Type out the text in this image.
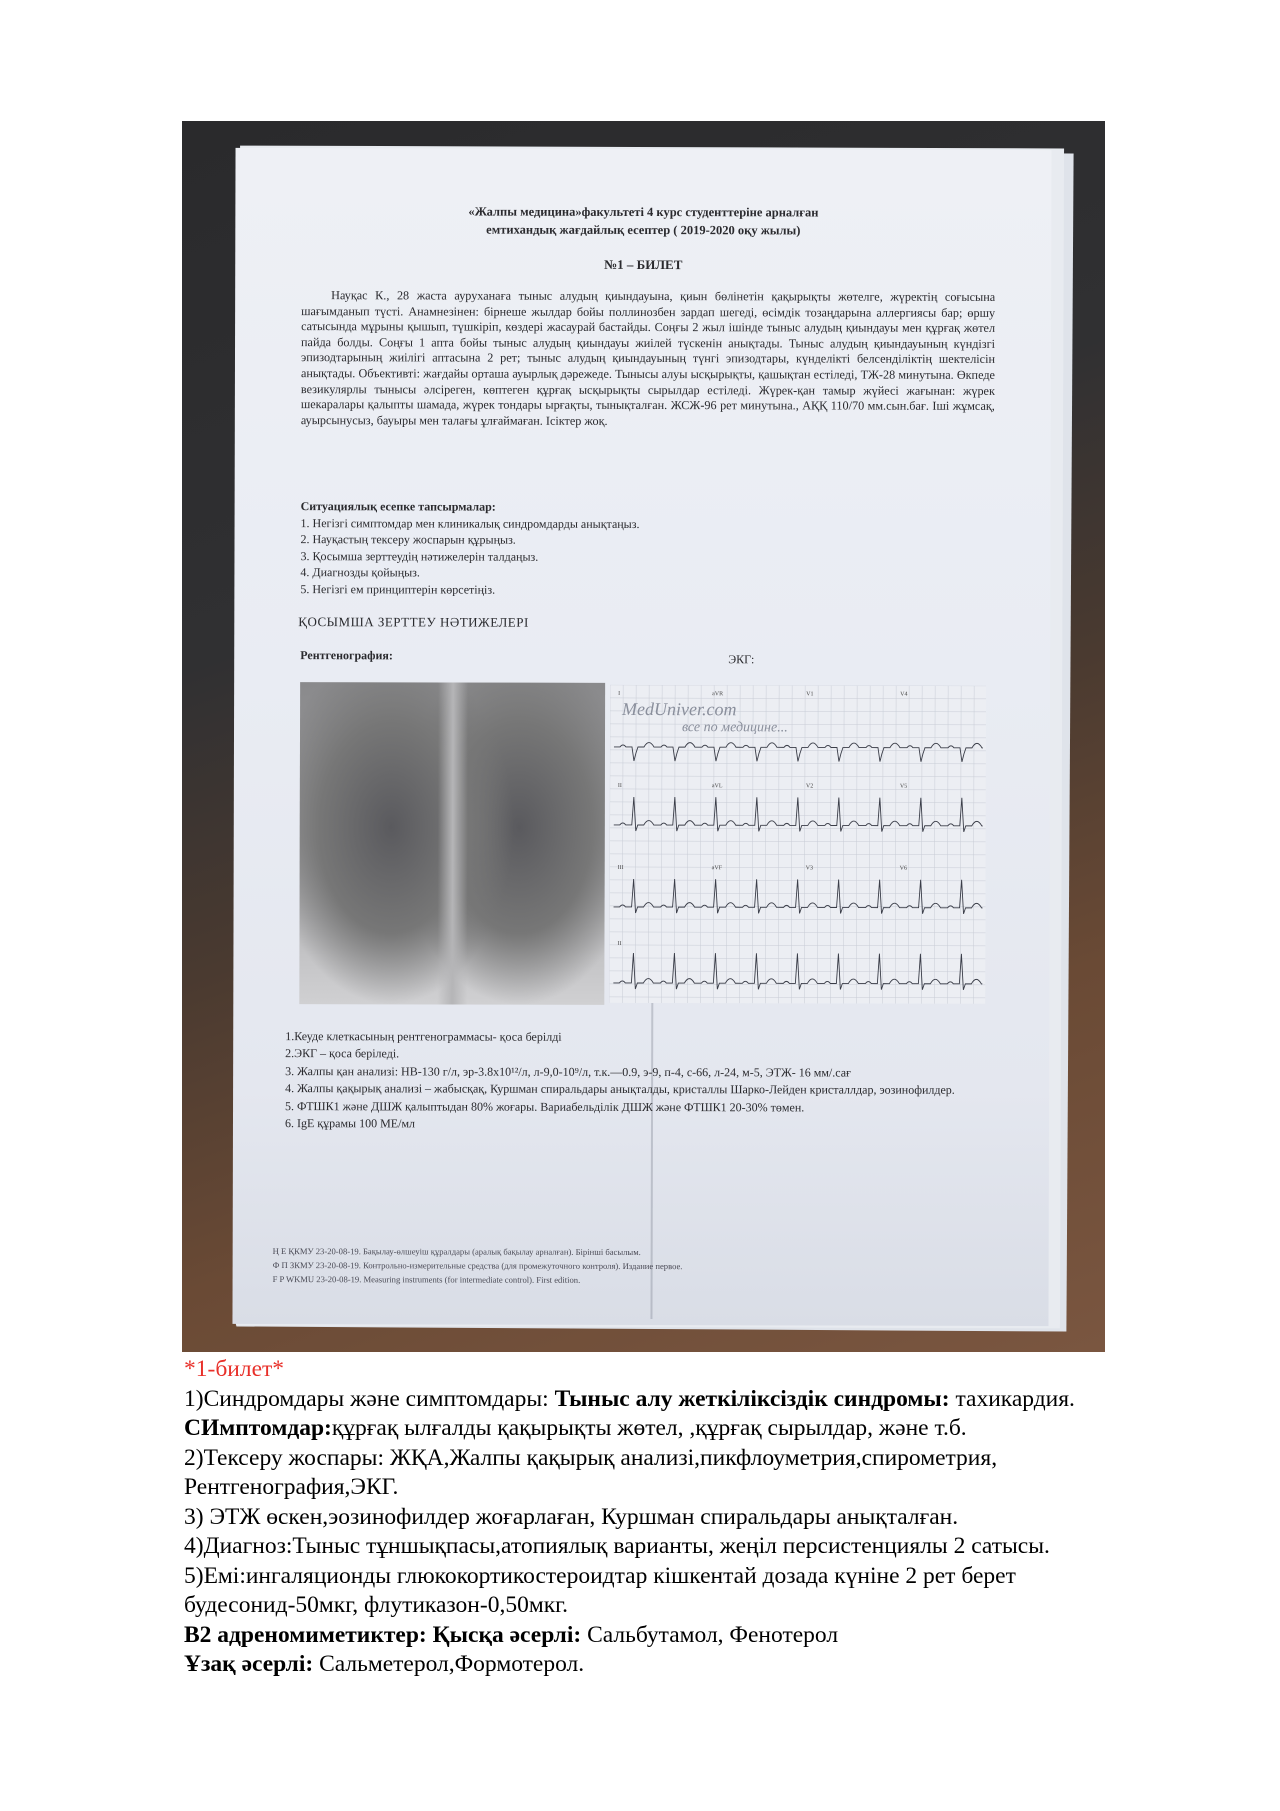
«Жалпы медицина»факультеті 4 курс студенттеріне арналған
емтихандық жағдайлық есептер ( 2019-2020 оқу жылы)
№1 – БИЛЕТ
Науқас К., 28 жаста ауруханаға тыныс алудың қиындауына, қиын бөлінетін қақырықты жөтелге, жүректің соғысына шағымданып түсті. Анамнезінен: бірнеше жылдар бойы поллинозбен зардап шегеді, өсімдік тозаңдарына аллергиясы бар; өршу сатысында мұрыны қышып, түшкіріп, көздері жасаурай бастайды. Соңғы 2 жыл ішінде тыныс алудың қиындауы мен құрғақ жөтел пайда болды. Соңғы 1 апта бойы тыныс алудың қиындауы жиілей түскенін анықтады. Тыныс алудың қиындауының күндізгі эпизодтарының жиілігі аптасына 2 рет; тыныс алудың қиындауының түнгі эпизодтары, күнделікті белсенділіктің шектелісін анықтады. Объективті: жағдайы орташа ауырлық дәрежеде. Тынысы алуы ысқырықты, қашықтан естіледі, ТЖ-28 минутына. Өкпеде везикулярлы тынысы әлсіреген, көптеген құрғақ ысқырықты сырылдар естіледі. Жүрек-қан тамыр жүйесі жағынан: жүрек шекаралары қалыпты шамада, жүрек тондары ырғақты, тынықталған. ЖСЖ-96 рет минутына., АҚҚ 110/70 мм.сын.бағ. Іші жұмсақ, ауырсынусыз, бауыры мен талағы ұлғаймаған. Ісіктер жоқ.
Ситуациялық есепке тапсырмалар:
1. Негізгі симптомдар мен клиникалық синдромдарды анықтаңыз.
2. Науқастың тексеру жоспарын құрыңыз.
3. Қосымша зерттеудің нәтижелерін талдаңыз.
4. Диагнозды қойыңыз.
5. Негізгі ем принциптерін көрсетіңіз.
ҚОСЫМША ЗЕРТТЕУ НӘТИЖЕЛЕРІ
Рентгенография:	ЭКГ:
I	aVR	V1	V4
II	aVL	V2	V5
III	aVF	V3	V6
II
MedUniver.com
все по медицине...
1.Кеуде клеткасының рентгенограммасы- қоса берілді
2.ЭКГ – қоса беріледі.
3. Жалпы қан анализі: НВ-130 г/л, эр-3.8х10¹²/л, л-9,0-10⁹/л, т.к.—0.9, э-9, п-4, с-66, л-24, м-5, ЭТЖ- 16 мм/.сағ
4. Жалпы қақырық анализі – жабысқақ, Куршман спиральдары анықталды, кристаллы Шарко-Лейден кристаллдар, эозинофилдер.
5. ФТШК1 және ДШЖ қалыптыдан 80% жоғары. Вариабельділік ДШЖ және ФТШК1 20-30% төмен.
6. IgE құрамы 100 МЕ/мл
Ң Е ҚКМУ 23-20-08-19. Бақылау-өлшеуіш құралдары (аралық бақылау арналған). Бірінші басылым.
Ф П ЗКМУ 23-20-08-19. Контрольно-измерительные средства (для промежуточного контроля). Издание первое.
F P WKMU 23-20-08-19. Measuring instruments (for intermediate control). First edition.
*1-билет*
1)Синдромдары және симптомдары: Тыныс алу жеткіліксіздік синдромы: тахикардия.
СИмптомдар:құрғақ ылғалды қақырықты жөтел, ,құрғақ сырылдар, және т.б.
2)Тексеру жоспары: ЖҚА,Жалпы қақырық анализі,пикфлоуметрия,спирометрия,
Рентгенография,ЭКГ.
3) ЭТЖ өскен,эозинофилдер жоғарлаған, Куршман спиральдары анықталған.
4)Диагноз:Тыныс тұншықпасы,атопиялық варианты, жеңіл персистенциялы 2 сатысы.
5)Емі:ингаляционды глюкокортикостероидтар кішкентай дозада күніне 2 рет берет
будесонид-50мкг, флутиказон-0,50мкг.
В2 адреномиметиктер: Қысқа әсерлі: Сальбутамол, Фенотерол
Ұзақ әсерлі: Сальметерол,Формотерол.
